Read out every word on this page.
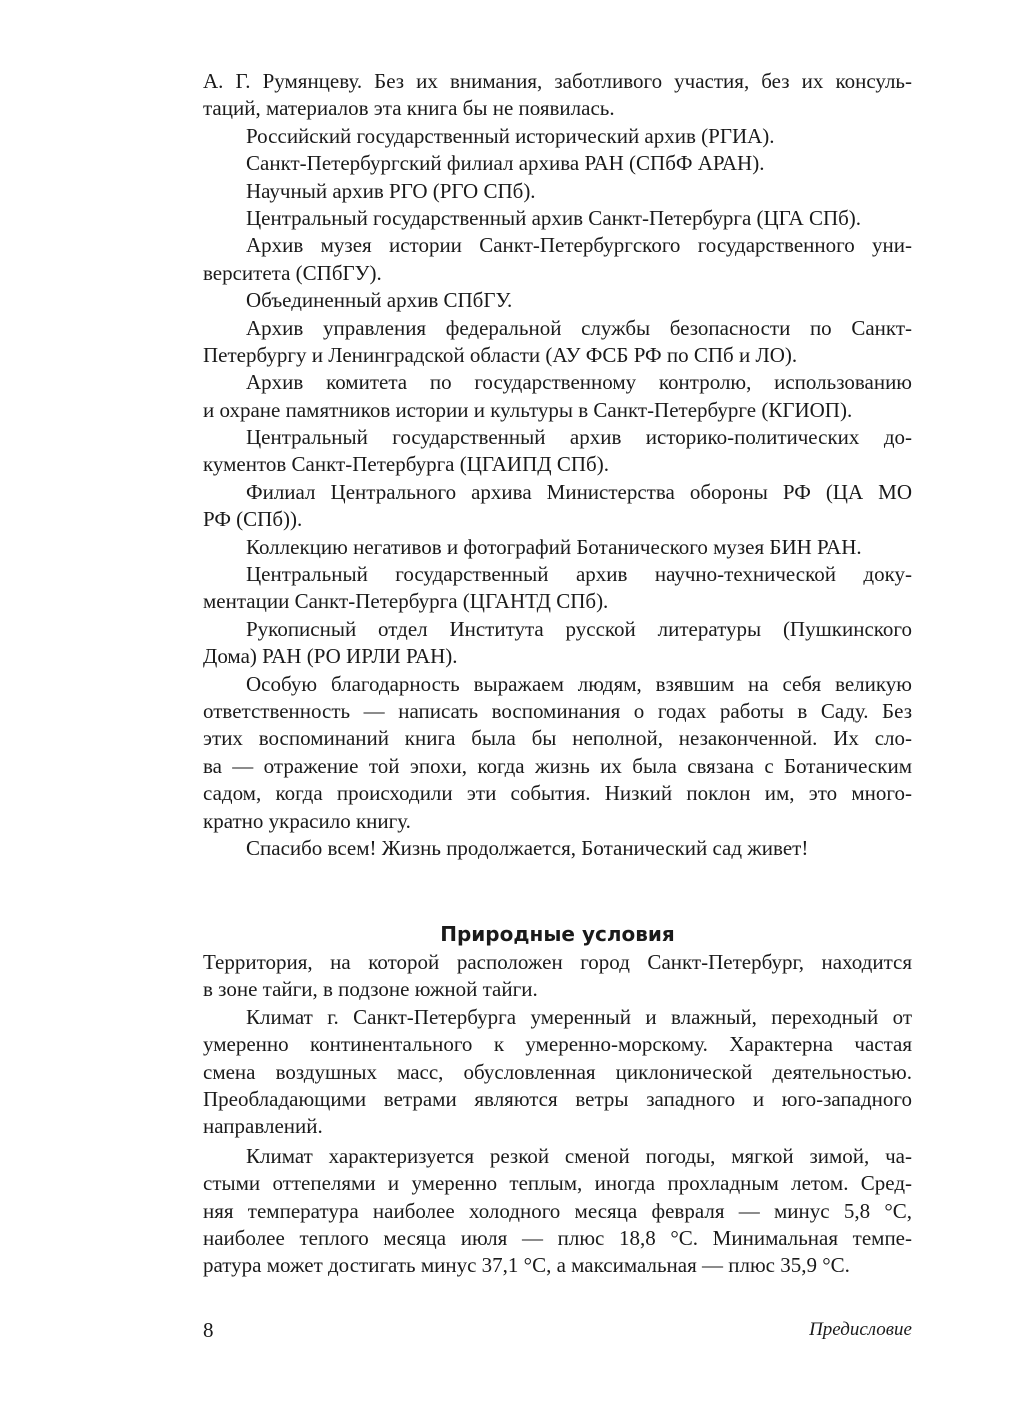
А. Г. Румянцеву. Без их внимания, заботливого участия, без их консуль-
таций, материалов эта книга бы не появилась.
Российский государственный исторический архив (РГИА).
Санкт-Петербургский филиал архива РАН (СПбФ АРАН).
Научный архив РГО (РГО СПб).
Центральный государственный архив Санкт-Петербурга (ЦГА СПб).
Архив музея истории Санкт-Петербургского государственного уни-
верситета (СПбГУ).
Объединенный архив СПбГУ.
Архив управления федеральной службы безопасности по Санкт-
Петербургу и Ленинградской области (АУ ФСБ РФ по СПб и ЛО).
Архив комитета по государственному контролю, использованию
и охране памятников истории и культуры в Санкт-Петербурге (КГИОП).
Центральный государственный архив историко-политических до-
кументов Санкт-Петербурга (ЦГАИПД СПб).
Филиал Центрального архива Министерства обороны РФ (ЦА МО
РФ (СПб)).
Коллекцию негативов и фотографий Ботанического музея БИН РАН.
Центральный государственный архив научно-технической доку-
ментации Санкт-Петербурга (ЦГАНТД СПб).
Рукописный отдел Института русской литературы (Пушкинского
Дома) РАН (РО ИРЛИ РАН).
Особую благодарность выражаем людям, взявшим на себя великую
ответственность — написать воспоминания о годах работы в Саду. Без
этих воспоминаний книга была бы неполной, незаконченной. Их сло-
ва — отражение той эпохи, когда жизнь их была связана с Ботаническим
садом, когда происходили эти события. Низкий поклон им, это много-
кратно украсило книгу.
Спасибо всем! Жизнь продолжается, Ботанический сад живет!
Природные условия
Территория, на которой расположен город Санкт-Петербург, находится
в зоне тайги, в подзоне южной тайги.
Климат г. Санкт-Петербурга умеренный и влажный, переходный от
умеренно континентального к умеренно-морскому. Характерна частая
смена воздушных масс, обусловленная циклонической деятельностью.
Преобладающими ветрами являются ветры западного и юго-западного
направлений.
Климат характеризуется резкой сменой погоды, мягкой зимой, ча-
стыми оттепелями и умеренно теплым, иногда прохладным летом. Сред-
няя температура наиболее холодного месяца февраля — минус 5,8 °C,
наиболее теплого месяца июля — плюс 18,8 °C. Минимальная темпе-
ратура может достигать минус 37,1 °C, а максимальная — плюс 35,9 °C.
8	Предисловие
